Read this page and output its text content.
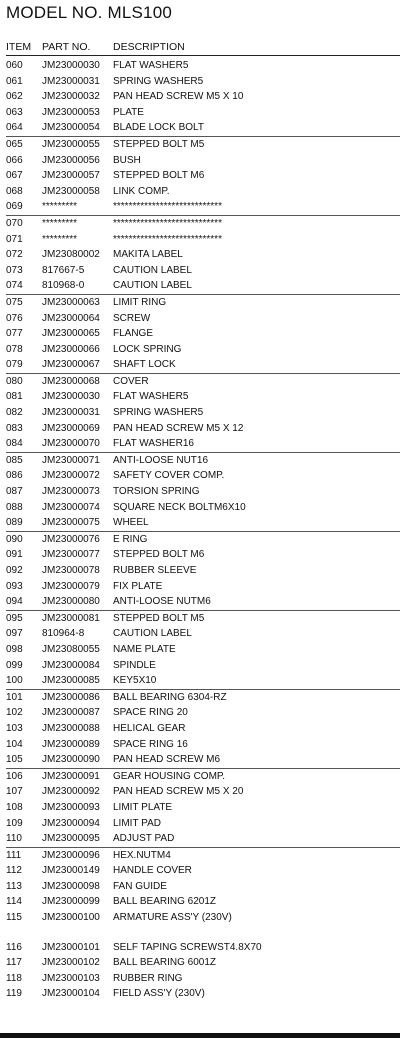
MODEL NO. MLS100
ITEM PART NO. DESCRIPTION
060 JM23000030 FLAT WASHER5
061 JM23000031 SPRING WASHER5
062 JM23000032 PAN HEAD SCREW M5 X 10
063 JM23000053 PLATE
064 JM23000054 BLADE LOCK BOLT
065 JM23000055 STEPPED BOLT M5
066 JM23000056 BUSH
067 JM23000057 STEPPED BOLT M6
068 JM23000058 LINK COMP.
069 *********	****************************
070 *********	****************************
071 *********	****************************
072 JM23080002 MAKITA LABEL
073 817667-5	CAUTION LABEL
074 810968-0	CAUTION LABEL
075 JM23000063 LIMIT RING
076 JM23000064 SCREW
077 JM23000065 FLANGE
078 JM23000066 LOCK SPRING
079 JM23000067 SHAFT LOCK
080 JM23000068 COVER
081 JM23000030 FLAT WASHER5
082 JM23000031 SPRING WASHER5
083 JM23000069 PAN HEAD SCREW M5 X 12
084 JM23000070 FLAT WASHER16
085 JM23000071 ANTI-LOOSE NUT16
086 JM23000072 SAFETY COVER COMP.
087 JM23000073 TORSION SPRING
088 JM23000074 SQUARE NECK BOLTM6X10
089 JM23000075 WHEEL
090 JM23000076 E RING
091 JM23000077 STEPPED BOLT M6
092 JM23000078 RUBBER SLEEVE
093 JM23000079 FIX PLATE
094 JM23000080 ANTI-LOOSE NUTM6
095 JM23000081 STEPPED BOLT M5
097 810964-8	CAUTION LABEL
098 JM23080055 NAME PLATE
099 JM23000084 SPINDLE
100 JM23000085 KEY5X10
101 JM23000086 BALL BEARING 6304-RZ
102 JM23000087 SPACE RING 20
103 JM23000088 HELICAL GEAR
104 JM23000089 SPACE RING 16
105 JM23000090 PAN HEAD SCREW M6
106 JM23000091 GEAR HOUSING COMP.
107 JM23000092 PAN HEAD SCREW M5 X 20
108 JM23000093 LIMIT PLATE
109 JM23000094 LIMIT PAD
110 JM23000095 ADJUST PAD
111 JM23000096 HEX.NUTM4
112 JM23000149 HANDLE COVER
113 JM23000098 FAN GUIDE
114 JM23000099 BALL BEARING 6201Z
115 JM23000100 ARMATURE ASS'Y (230V)
116 JM23000101 SELF TAPING SCREWST4.8X70
117 JM23000102 BALL BEARING 6001Z
118 JM23000103 RUBBER RING
119 JM23000104 FIELD ASS'Y (230V)
